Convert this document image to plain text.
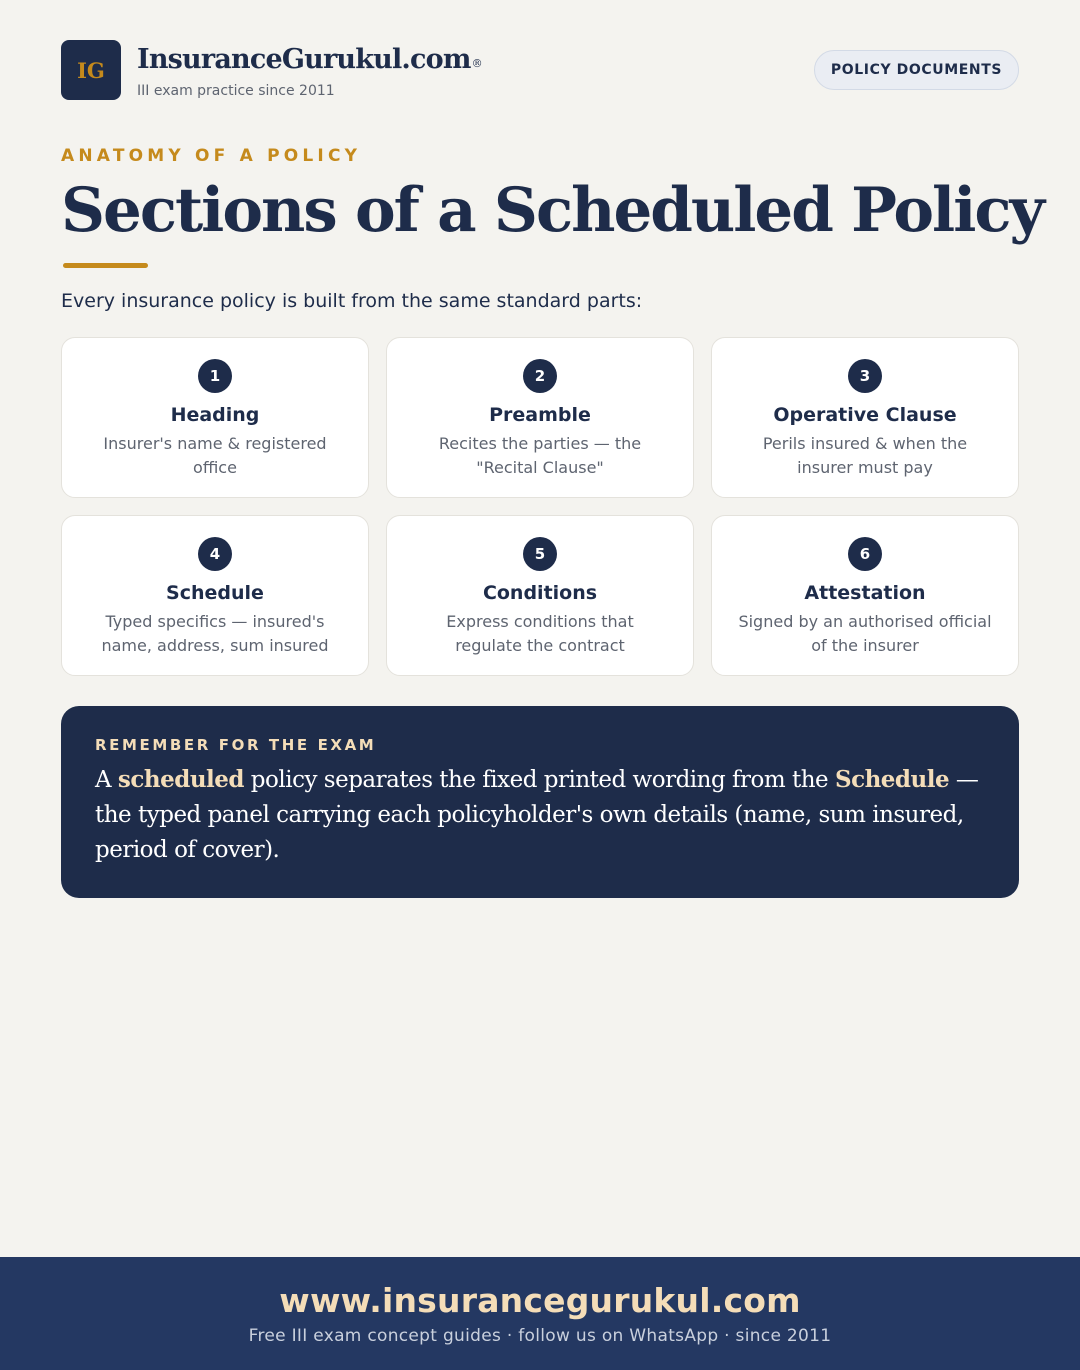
IG InsuranceGurukul.com®
III exam practice since 2011
POLICY DOCUMENTS
ANATOMY OF A POLICY
Sections of a Scheduled Policy

Every insurance policy is built from the same standard parts:

1
Heading
Insurer's name & registered office
2
Preamble
Recites the parties — the "Recital Clause"
3
Operative Clause
Perils insured & when the insurer must pay
4
Schedule
Typed specifics — insured's name, address, sum insured
5
Conditions
Express conditions that regulate the contract
6
Attestation
Signed by an authorised official of the insurer
REMEMBER FOR THE EXAM

A scheduled policy separates the fixed printed wording from the Schedule — the typed panel carrying each policyholder's own details (name, sum insured, period of cover).

www.insurancegurukul.com
Free III exam concept guides · follow us on WhatsApp · since 2011
